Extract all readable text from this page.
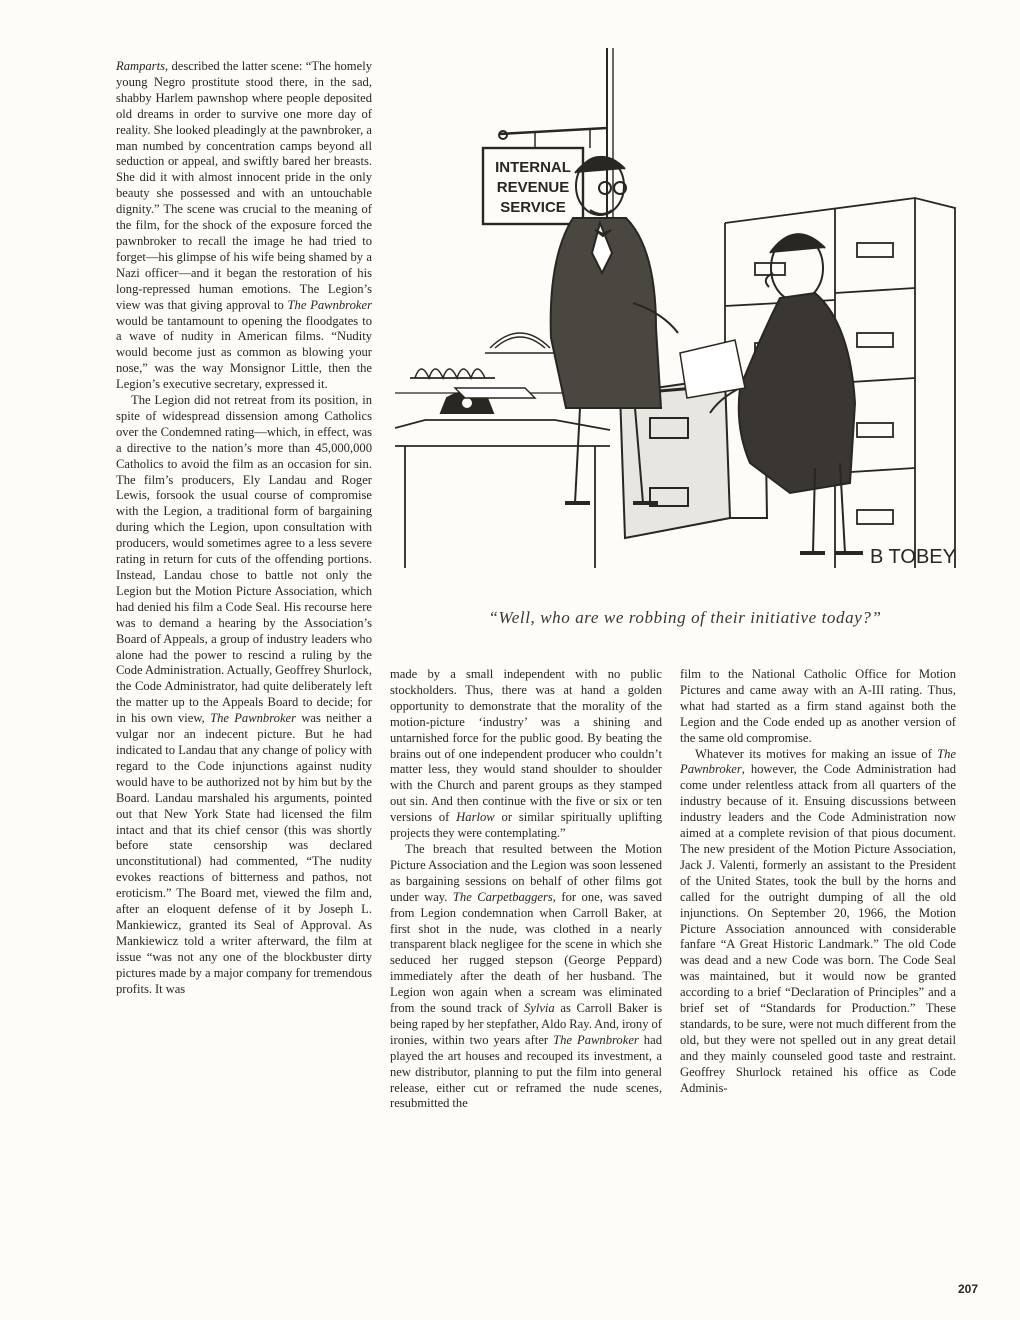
Ramparts, described the latter scene: “The homely young Negro prostitute stood there, in the sad, shabby Harlem pawnshop where people deposited old dreams in order to survive one more day of reality. She looked pleadingly at the pawnbroker, a man numbed by concentration camps beyond all seduction or appeal, and swiftly bared her breasts. She did it with almost innocent pride in the only beauty she possessed and with an untouchable dignity.” The scene was crucial to the meaning of the film, for the shock of the exposure forced the pawnbroker to recall the image he had tried to forget—his glimpse of his wife being shamed by a Nazi officer—and it began the restoration of his long-repressed human emotions. The Legion’s view was that giving approval to The Pawnbroker would be tantamount to opening the floodgates to a wave of nudity in American films. “Nudity would become just as common as blowing your nose,” was the way Monsignor Little, then the Legion’s executive secretary, expressed it.

The Legion did not retreat from its position, in spite of widespread dissension among Catholics over the Condemned rating—which, in effect, was a directive to the nation’s more than 45,000,000 Catholics to avoid the film as an occasion for sin. The film’s producers, Ely Landau and Roger Lewis, forsook the usual course of compromise with the Legion, a traditional form of bargaining during which the Legion, upon consultation with producers, would sometimes agree to a less severe rating in return for cuts of the offending portions. Instead, Landau chose to battle not only the Legion but the Motion Picture Association, which had denied his film a Code Seal. His recourse here was to demand a hearing by the Association’s Board of Appeals, a group of industry leaders who alone had the power to rescind a ruling by the Code Administration. Actually, Geoffrey Shurlock, the Code Administrator, had quite deliberately left the matter up to the Appeals Board to decide; for in his own view, The Pawnbroker was neither a vulgar nor an indecent picture. But he had indicated to Landau that any change of policy with regard to the Code injunctions against nudity would have to be authorized not by him but by the Board. Landau marshaled his arguments, pointed out that New York State had licensed the film intact and that its chief censor (this was shortly before state censorship was declared unconstitutional) had commented, “The nudity evokes reactions of bitterness and pathos, not eroticism.” The Board met, viewed the film and, after an eloquent defense of it by Joseph L. Mankiewicz, granted its Seal of Approval. As Mankiewicz told a writer afterward, the film at issue “was not any one of the blockbuster dirty pictures made by a major company for tremendous profits. It was

INTERNAL
REVENUE
SERVICE
B TOBEY
“Well, who are we robbing of their initiative today?”

made by a small independent with no public stockholders. Thus, there was at hand a golden opportunity to demonstrate that the morality of the motion-picture ‘industry’ was a shining and untarnished force for the public good. By beating the brains out of one independent producer who couldn’t matter less, they would stand shoulder to shoulder with the Church and parent groups as they stamped out sin. And then continue with the five or six or ten versions of Harlow or similar spiritually uplifting projects they were contemplating.”

The breach that resulted between the Motion Picture Association and the Legion was soon lessened as bargaining sessions on behalf of other films got under way. The Carpetbaggers, for one, was saved from Legion condemnation when Carroll Baker, at first shot in the nude, was clothed in a nearly transparent black negligee for the scene in which she seduced her rugged stepson (George Peppard) immediately after the death of her husband. The Legion won again when a scream was eliminated from the sound track of Sylvia as Carroll Baker is being raped by her stepfather, Aldo Ray. And, irony of ironies, within two years after The Pawnbroker had played the art houses and recouped its investment, a new distributor, planning to put the film into general release, either cut or reframed the nude scenes, resubmitted the

film to the National Catholic Office for Motion Pictures and came away with an A-III rating. Thus, what had started as a firm stand against both the Legion and the Code ended up as another version of the same old compromise.

Whatever its motives for making an issue of The Pawnbroker, however, the Code Administration had come under relentless attack from all quarters of the industry because of it. Ensuing discussions between industry leaders and the Code Administration now aimed at a complete revision of that pious document. The new president of the Motion Picture Association, Jack J. Valenti, formerly an assistant to the President of the United States, took the bull by the horns and called for the outright dumping of all the old injunctions. On September 20, 1966, the Motion Picture Association announced with considerable fanfare “A Great Historic Landmark.” The old Code was dead and a new Code was born. The Code Seal was maintained, but it would now be granted according to a brief “Declaration of Principles” and a brief set of “Standards for Production.” These standards, to be sure, were not much different from the old, but they were not spelled out in any great detail and they mainly counseled good taste and restraint. Geoffrey Shurlock retained his office as Code Adminis-

207
